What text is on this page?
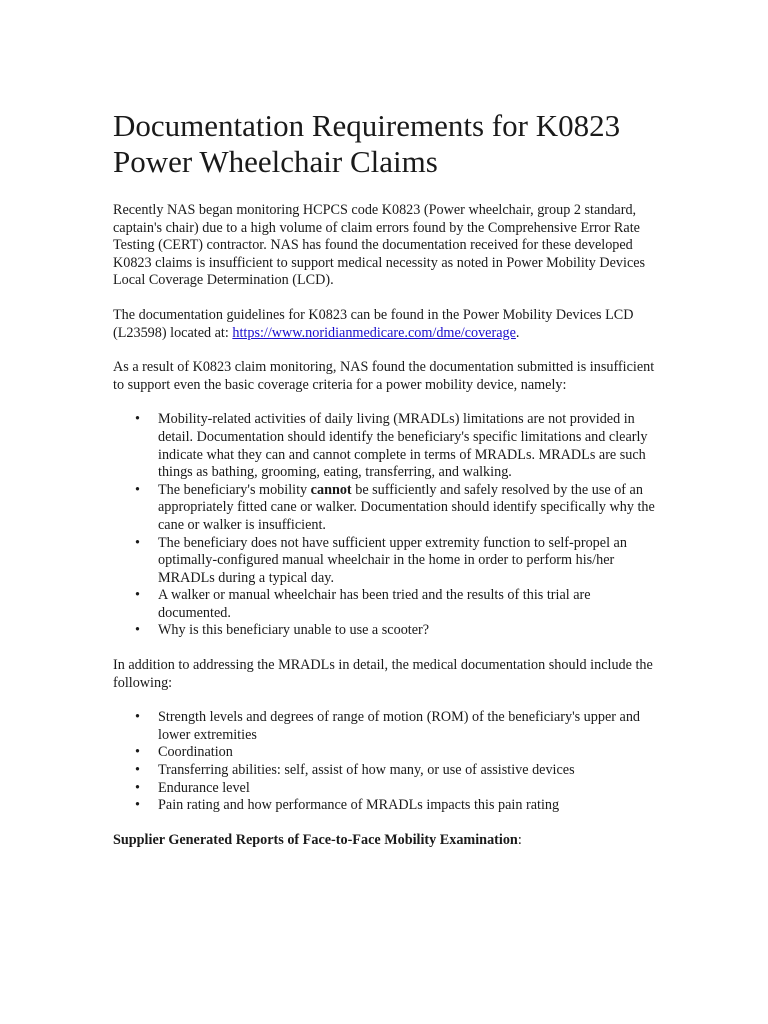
Documentation Requirements for K0823 Power Wheelchair Claims

Recently NAS began monitoring HCPCS code K0823 (Power wheelchair, group 2 standard, captain's chair) due to a high volume of claim errors found by the Comprehensive Error Rate Testing (CERT) contractor. NAS has found the documentation received for these developed K0823 claims is insufficient to support medical necessity as noted in Power Mobility Devices Local Coverage Determination (LCD).

The documentation guidelines for K0823 can be found in the Power Mobility Devices LCD (L23598) located at: https://www.noridianmedicare.com/dme/coverage.

As a result of K0823 claim monitoring, NAS found the documentation submitted is insufficient to support even the basic coverage criteria for a power mobility device, namely:

• Mobility-related activities of daily living (MRADLs) limitations are not provided in detail. Documentation should identify the beneficiary's specific limitations and clearly indicate what they can and cannot complete in terms of MRADLs. MRADLs are such things as bathing, grooming, eating, transferring, and walking.
• The beneficiary's mobility cannot be sufficiently and safely resolved by the use of an appropriately fitted cane or walker. Documentation should identify specifically why the cane or walker is insufficient.
• The beneficiary does not have sufficient upper extremity function to self-propel an optimally-configured manual wheelchair in the home in order to perform his/her MRADLs during a typical day.
• A walker or manual wheelchair has been tried and the results of this trial are documented.
• Why is this beneficiary unable to use a scooter?

In addition to addressing the MRADLs in detail, the medical documentation should include the following:

• Strength levels and degrees of range of motion (ROM) of the beneficiary's upper and lower extremities
• Coordination
• Transferring abilities: self, assist of how many, or use of assistive devices
• Endurance level
• Pain rating and how performance of MRADLs impacts this pain rating

Supplier Generated Reports of Face-to-Face Mobility Examination:
